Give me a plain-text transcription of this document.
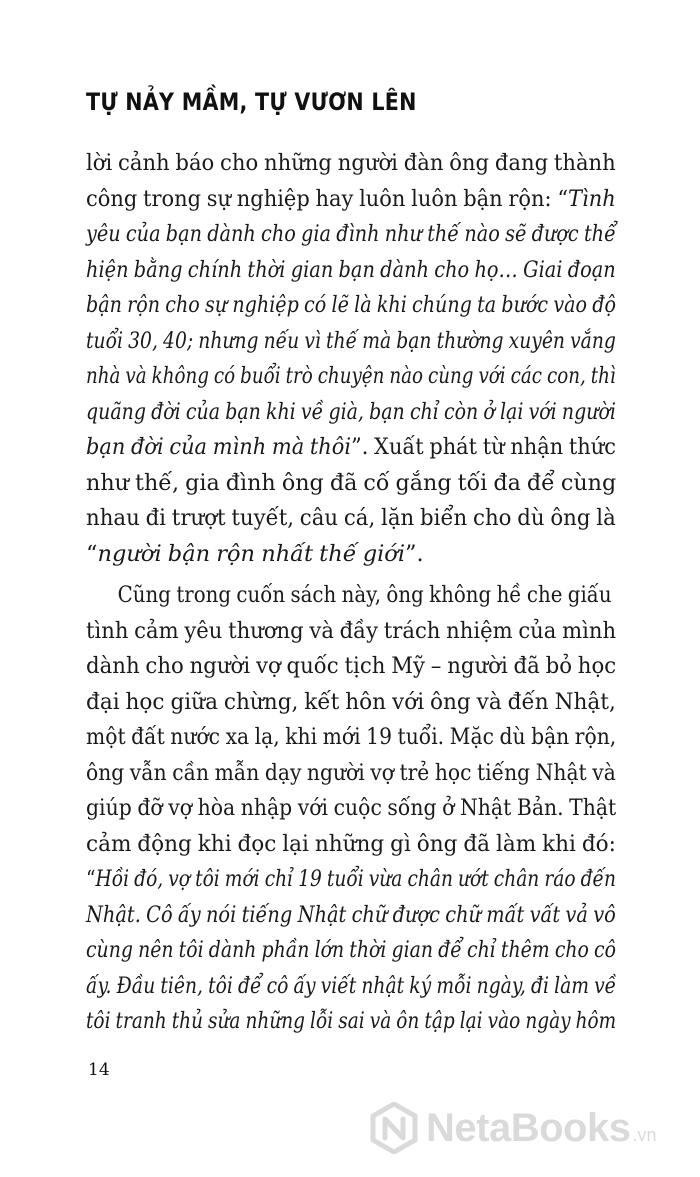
TỰ NẢY MẦM, TỰ VƯƠN LÊN
lời cảnh báo cho những người đàn ông đang thành
công trong sự nghiệp hay luôn luôn bận rộn: “Tình
yêu của bạn dành cho gia đình như thế nào sẽ được thể
hiện bằng chính thời gian bạn dành cho họ… Giai đoạn
bận rộn cho sự nghiệp có lẽ là khi chúng ta bước vào độ
tuổi 30, 40; nhưng nếu vì thế mà bạn thường xuyên vắng
nhà và không có buổi trò chuyện nào cùng với các con, thì
quãng đời của bạn khi về già, bạn chỉ còn ở lại với người
bạn đời của mình mà thôi”. Xuất phát từ nhận thức
như thế, gia đình ông đã cố gắng tối đa để cùng
nhau đi trượt tuyết, câu cá, lặn biển cho dù ông là
“người bận rộn nhất thế giới”.
Cũng trong cuốn sách này, ông không hề che giấu
tình cảm yêu thương và đầy trách nhiệm của mình
dành cho người vợ quốc tịch Mỹ – người đã bỏ học
đại học giữa chừng, kết hôn với ông và đến Nhật,
một đất nước xa lạ, khi mới 19 tuổi. Mặc dù bận rộn,
ông vẫn cần mẫn dạy người vợ trẻ học tiếng Nhật và
giúp đỡ vợ hòa nhập với cuộc sống ở Nhật Bản. Thật
cảm động khi đọc lại những gì ông đã làm khi đó:
“Hồi đó, vợ tôi mới chỉ 19 tuổi vừa chân ướt chân ráo đến
Nhật. Cô ấy nói tiếng Nhật chữ được chữ mất vất vả vô
cùng nên tôi dành phần lớn thời gian để chỉ thêm cho cô
ấy. Đầu tiên, tôi để cô ấy viết nhật ký mỗi ngày, đi làm về
tôi tranh thủ sửa những lỗi sai và ôn tập lại vào ngày hôm
14
NetaBooks .vn
